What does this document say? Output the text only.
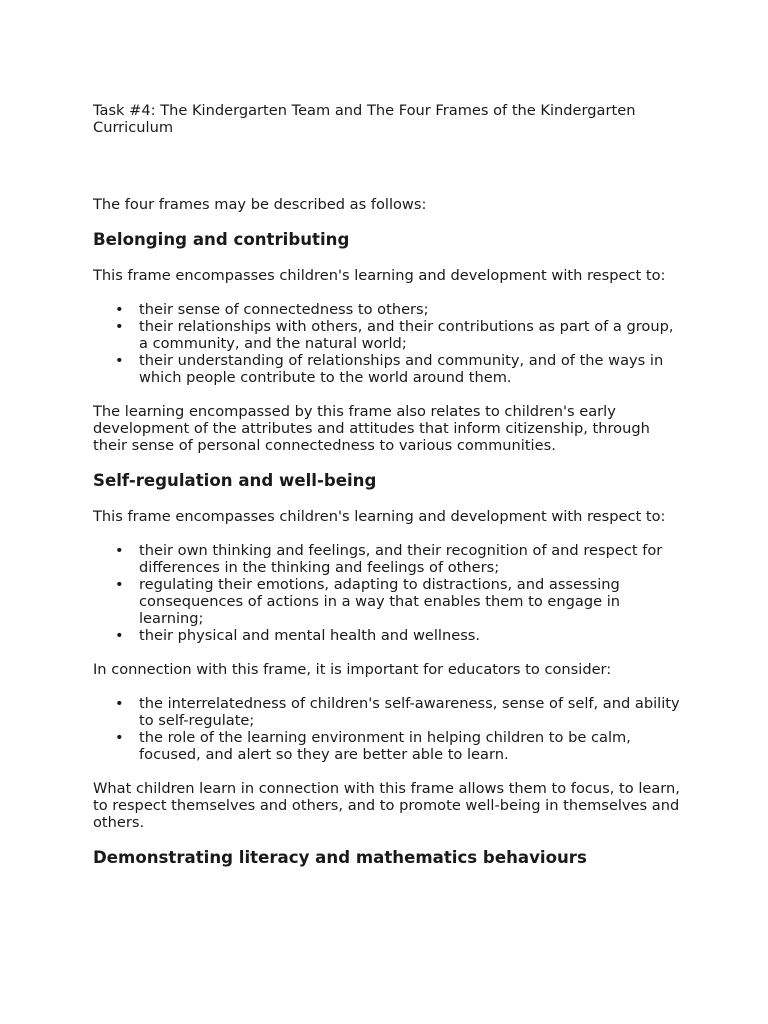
Task #4: The Kindergarten Team and The Four Frames of the Kindergarten Curriculum

The four frames may be described as follows:

Belonging and contributing

This frame encompasses children's learning and development with respect to:

• their sense of connectedness to others;
• their relationships with others, and their contributions as part of a group, a community, and the natural world;
• their understanding of relationships and community, and of the ways in which people contribute to the world around them.

The learning encompassed by this frame also relates to children's early development of the attributes and attitudes that inform citizenship, through their sense of personal connectedness to various communities.

Self-regulation and well-being

This frame encompasses children's learning and development with respect to:

• their own thinking and feelings, and their recognition of and respect for differences in the thinking and feelings of others;
• regulating their emotions, adapting to distractions, and assessing consequences of actions in a way that enables them to engage in learning;
• their physical and mental health and wellness.

In connection with this frame, it is important for educators to consider:

• the interrelatedness of children's self-awareness, sense of self, and ability to self-regulate;
• the role of the learning environment in helping children to be calm, focused, and alert so they are better able to learn.

What children learn in connection with this frame allows them to focus, to learn, to respect themselves and others, and to promote well-being in themselves and others.

Demonstrating literacy and mathematics behaviours
